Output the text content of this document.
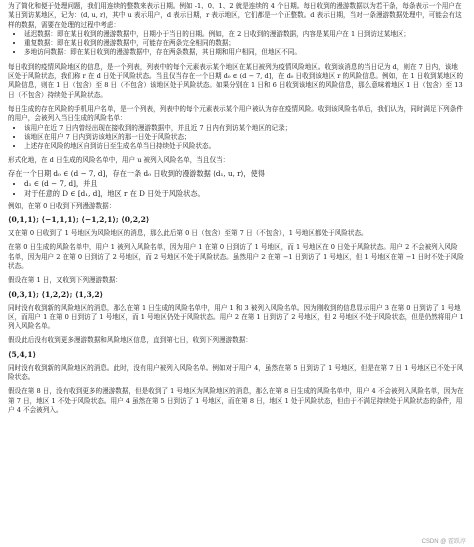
为了简化和便于处理问题，我们用连续的整数来表示日期。例如 -1、0、1、2 就是连续的 4 个日期。每日收到的漫游数据以为若干条，每条表示一个用户在某日到访某地区，记为：⟨d, u, r⟩，其中 u 表示用户，d 表示日期，r 表示地区，它们都是一个正整数。d 表示日期，当对一条漫游数据处理中，可能会有这样的数据，需要在处理的过程中考虑：

• 延迟数据：即在某日收到的漫游数据中，日期小于当日的日期。例如，在 2 日收到的漫游数据，内容是某用户在 1 日到访过某地区；
• 重复数据：即在某日收到的漫游数据中，可能存在两条完全相同的数据；
• 多地访问数据：即在某日收到的漫游数据中，存在两条数据，其日期和用户相同，但地区不同。

每日收到的疫情风险地区的信息，是一个列表，列表中的每个元素表示某个地区在某日被列为疫情风险地区。收到该消息的当日记为 d，则在 7 日内，该地区处于风险状态，我们称 r 在 d 日处于风险状态。当且仅当存在一个日期 d₀ ∈ (d − 7, d]，在 d₀ 日收到该地区 r 的风险信息。例如，在 1 日收到某地区的风险信息，则在 1 日（包含）至 8 日（不包含）该地区处于风险状态。如果分别在 1 日和 6 日收到该地区的风险信息，那么意味着地区 1 日（包含）至 13 日（不包含）持续处于风险状态。

每日生成的存在风险的手机用户名单，是一个列表，列表中的每个元素表示某个用户被认为存在疫情风险。收到该风险名单后，我们认为，同时满足下列条件的用户，会被列入当日生成的风险名单：

• 该用户在近 7 日内曾经出现在接收到的漫游数据中，并且近 7 日内有到访某个地区的记录；
• 该地区在用户 7 日内到访该地区的那一日处于风险状态；
• 上述存在风险的地区自到访日至生成名单当日持续处于风险状态。

形式化地，在 d 日生成的风险名单中，用户 u 被列入风险名单，当且仅当：

存在一个日期 d₀ ∈ (d − 7, d]，存在一条 d₀ 日收到的漫游数据 ⟨d₁, u, r⟩，使得

• d₁ ∈ (d − 7, d]，并且
• 对于任意的 D ∈ [d₁, d]，地区 r 在 D 日处于风险状态。

例如，在第 0 日收到下列漫游数据：

⟨0,1,1⟩; ⟨−1,1,1⟩; ⟨−1,2,1⟩; ⟨0,2,2⟩

又在第 0 日收到了 1 号地区为风险地区的消息，那么此后第 0 日（包含）至第 7 日（不包含），1 号地区都处于风险状态。

在第 0 日生成的风险名单中，用户 1 被列入风险名单，因为用户 1 在第 0 日到访了 1 号地区，而 1 号地区在 0 日处于风险状态。用户 2 不会被列入风险名单，因为用户 2 在第 0 日到访了 2 号地区，而 2 号地区不处于风险状态。虽然用户 2 在第 −1 日到访了 1 号地区，但 1 号地区在第 −1 日时不处于风险状态。

假设在第 1 日，又收到下列漫游数据：

⟨0,3,1⟩; ⟨1,2,2⟩; ⟨1,3,2⟩

同时没有收到新的风险地区的消息，那么在第 1 日生成的风险名单中，用户 1 和 3 被列入风险名单。因为刚收到的信息显示用户 3 在第 0 日到访了 1 号地区，而用户 1 在第 0 日到访了 1 号地区，而 1 号地区仍处于风险状态。用户 2 在第 1 日到访了 2 号地区，但 2 号地区不处于风险状态，但是仍然将用户 1 列入风险名单。

假设此后没有收到更多漫游数据和风险地区信息，直到第七日，收到下列漫游数据：

⟨5,4,1⟩

同时没有收到新的风险地区的消息。此时，没有用户被列入风险名单。例如对于用户 4，虽然在第 5 日到访了 1 号地区，但是在第 7 日 1 号地区已不处于风险状态。

假设在第 8 日，没有收到更多的漫游数据，但是收到了 1 号地区为风险地区的消息，那么在第 8 日生成的风险名单中，用户 4 不会被列入风险名单，因为在第 7 日，地区 1 不处于风险状态。用户 4 虽然在第 5 日到访了 1 号地区，而在第 8 日，地区 1 处于风险状态，但由于不满足持续处于风险状态的条件，用户 4 不会被列入。

CSDN @ 霍跃淳
